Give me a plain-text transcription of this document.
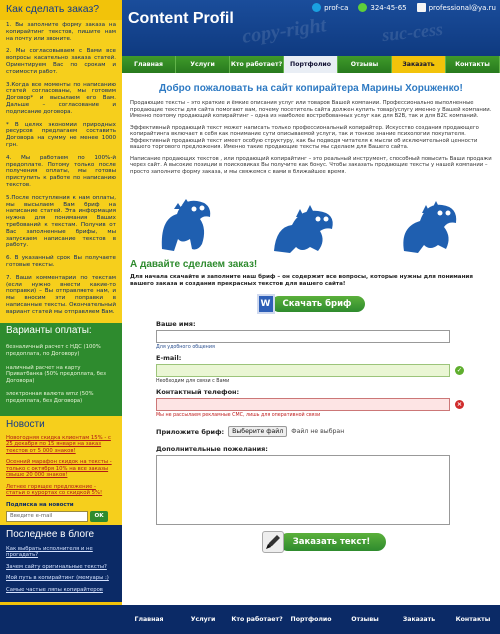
Как сделать заказ?
1. Вы заполните форму заказа на копирайтинг текстов, пишите нам на почту или звоните.
2. Мы согласовываем с Вами все вопросы касательно заказа статей. Ориентируем Вас по срокам и стоимости работ.
3.Когда все моменты по написанию статей согласованы, мы готовим Договор* и высылаем его Вам. Дальше – согласование и подписание договора.
* В целях экономии природных ресурсов предлагаем составить Договора на сумму не менее 1000 грн.
4. Мы работаем по 100%-й предоплате. Потому только после получения оплаты, мы готовы приступить к работе по написанию текстов.
5.После поступления к нам оплаты, мы высылаем Вам бриф на написание статей. Эта информация нужна для понимания Ваших требований к текстам. Получив от Вас заполненные брифы, мы запускаем написание текстов в работу.
6. В указанный срок Вы получаете готовые тексты.
7. Ваши комментарии по текстам (если нужно внести какие-то поправки) – Вы отправляете нам, и мы вносим эти поправки в написанные тексты. Окончательный вариант статей мы отправляем Вам.
Варианты оплаты:
безналичный расчет с НДС (100% предоплата, по Договору)
наличный расчет на карту Приватбанка (50% предоплата, без Договора)
электронная валюта wmz (50% предоплата, без Договора)
Новости
Новогодняя скидка клиентам 15% - с 25 декабря по 15 января на заказ текстов от 5 000 знаков!
Осенний марафон скидок на тексты - только с октября 10% на все заказы свыше 20 000 знаков!
Летнее горящее предложение - статьи о курортах со скидкой 5%!
Подписка на новости
Введите e-mail	OK
Последнее в блоге
Как выбрать исполнителя и не прогадать?
Зачем сайту оригинальные тексты?
Мой путь в копирайтинг (мемуары :)
Самые частые ляпы копирайтеров
copy-right	suc-cess
Content Profil
prof-ca	324-45-65	professional@ya.ru
Главная	Услуги	Кто работает?	Портфолио	Отзывы	Заказать	Контакты
Добро пожаловать на сайт копирайтера Марины Хорuженко!

Продающие тексты – это краткие и ёмкие описания услуг или товаров Вашей компании. Профессионально выполненные продающие тексты для сайта помогают вам, почему посетитель сайта должен купить товар/услугу именно у Вашей компании. Именно поэтому продающий копирайтинг – одна из наиболее востребованных услуг как для B2B, так и для B2C компаний.

Эффективный продающий текст может написать только профессиональный копирайтер. Искусство создания продающего копирайтинга включает в себя как понимание сути описываемой услуги, так и тонкое знание психологии покупателя. Эффективный продающий текст имеет особую структуру, как бы подводя читателя к мысли об исключительной ценности вашего торгового предложения. Именно такие продающие тексты мы сделаем для Вашего сайта.

Написание продающих текстов , или продающий копирайтинг – это реальный инструмент, способный повысить Ваши продажи через сайт. А высокие позиции в поисковиках Вы получите как бонус. Чтобы заказать продающие тексты у нашей компании – просто заполните форму заказа, и мы свяжемся с вами в ближайшее время.

А давайте сделаем заказ!

Для начала скачайте и заполните наш бриф – он содержит все вопросы, которые нужны для понимания вашего заказа и создания прекрасных текстов для вашего сайта!

W	Скачать бриф
Ваше имя:
Для удобного общения
E-mail:
✓
Необходим для связи с Вами
Контактный телефон:
×
Мы не рассылаем рекламные СМС, лишь для оперативной связи
Приложите бриф:	Выберите файл	Файл не выбран
Дополнительные пожелания:
Заказать текст!
Главная	Услуги	Кто работает?	Портфолио	Отзывы	Заказать	Контакты
